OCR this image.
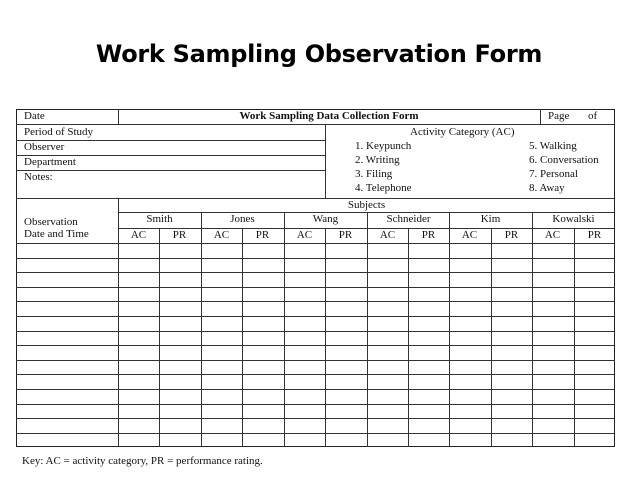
Work Sampling Observation Form
Date	Work Sampling Data Collection Form	Page of
Period of Study
Observer
Department
Notes:
Activity Category (AC)
1. Keypunch
2. Writing
3. Filing
4. Telephone
5. Walking
6. Conversation
7. Personal
8. Away
Subjects
Observation
Date and Time
Smith
AC	PR
Jones
AC	PR
Wang
AC	PR
Schneider
AC	PR
Kim
AC	PR
Kowalski
AC	PR
Key: AC = activity category, PR = performance rating.
